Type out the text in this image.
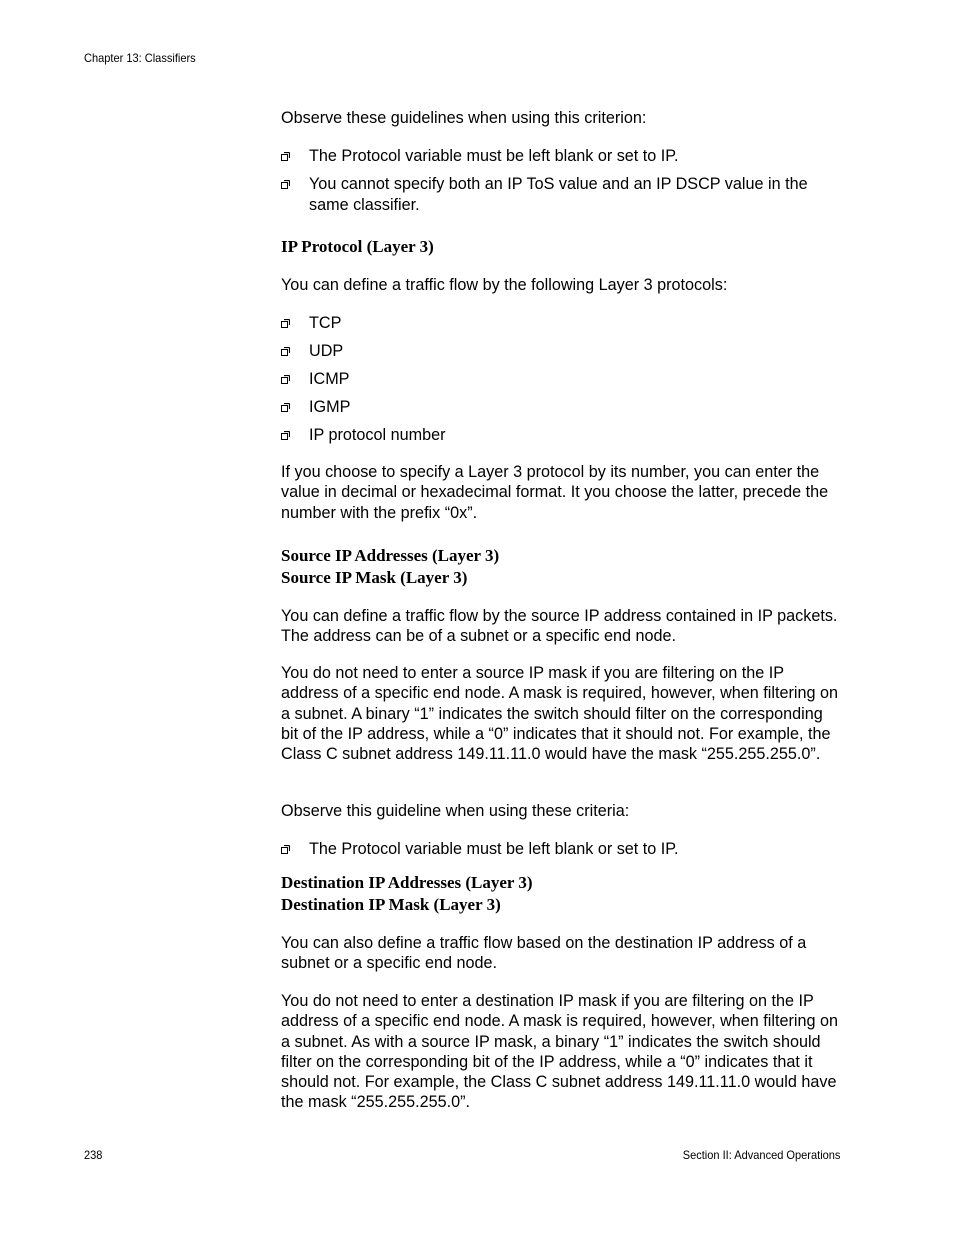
Chapter 13: Classifiers

Observe these guidelines when using this criterion:

The Protocol variable must be left blank or set to IP.
You cannot specify both an IP ToS value and an IP DSCP value in the same classifier.
IP Protocol (Layer 3)

You can define a traffic flow by the following Layer 3 protocols:

TCP
UDP
ICMP
IGMP
IP protocol number

If you choose to specify a Layer 3 protocol by its number, you can enter the value in decimal or hexadecimal format. It you choose the latter, precede the number with the prefix “0x”.

Source IP Addresses (Layer 3)
Source IP Mask (Layer 3)

You can define a traffic flow by the source IP address contained in IP packets. The address can be of a subnet or a specific end node.

You do not need to enter a source IP mask if you are filtering on the IP address of a specific end node. A mask is required, however, when filtering on a subnet. A binary “1” indicates the switch should filter on the corresponding bit of the IP address, while a “0” indicates that it should not. For example, the Class C subnet address 149.11.11.0 would have the mask “255.255.255.0”.

Observe this guideline when using these criteria:

The Protocol variable must be left blank or set to IP.
Destination IP Addresses (Layer 3)
Destination IP Mask (Layer 3)

You can also define a traffic flow based on the destination IP address of a subnet or a specific end node.

You do not need to enter a destination IP mask if you are filtering on the IP address of a specific end node. A mask is required, however, when filtering on a subnet. As with a source IP mask, a binary “1” indicates the switch should filter on the corresponding bit of the IP address, while a “0” indicates that it should not. For example, the Class C subnet address 149.11.11.0 would have the mask “255.255.255.0”.

238	Section II: Advanced Operations
